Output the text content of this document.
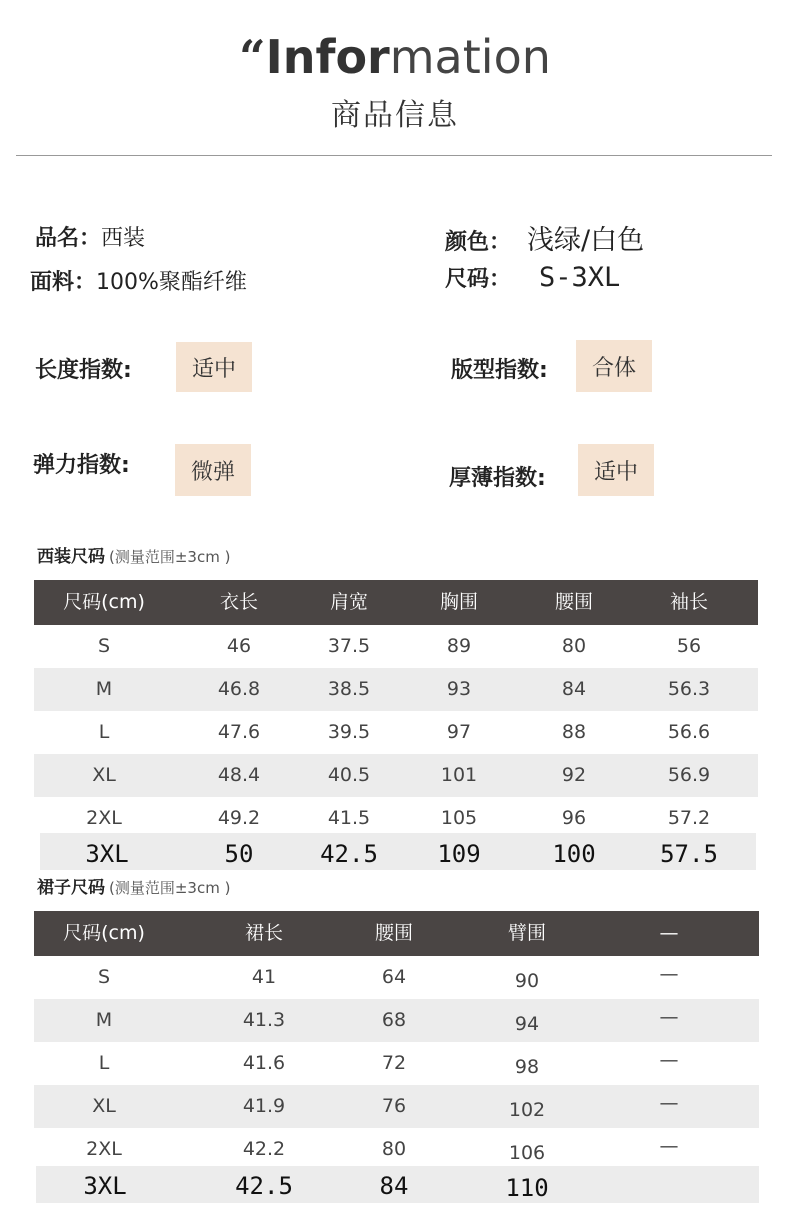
“Information
商品信息
品名：西装
面料：100%聚酯纤维
颜色： 浅绿/白色
尺码： S-3XL
长度指数:	适中	版型指数:	合体
弹力指数:	微弹	厚薄指数:	适中
西装尺码 (测量范围±3cm )
尺码(cm)	衣长	肩宽	胸围	腰围	袖长
S	46	37.5	89	80	56
M	46.8	38.5	93	84	56.3
L	47.6	39.5	97	88	56.6
XL	48.4	40.5	101	92	56.9
2XL	49.2	41.5	105	96	57.2
3XL	50	42.5	109	100	57.5
裙子尺码 (测量范围±3cm )
尺码(cm)	裙长	腰围	臂围	—
S	41	64	90	—
M	41.3	68	94	—
L	41.6	72	98	—
XL	41.9	76	102	—
2XL	42.2	80	106	—
3XL	42.5	84	110
